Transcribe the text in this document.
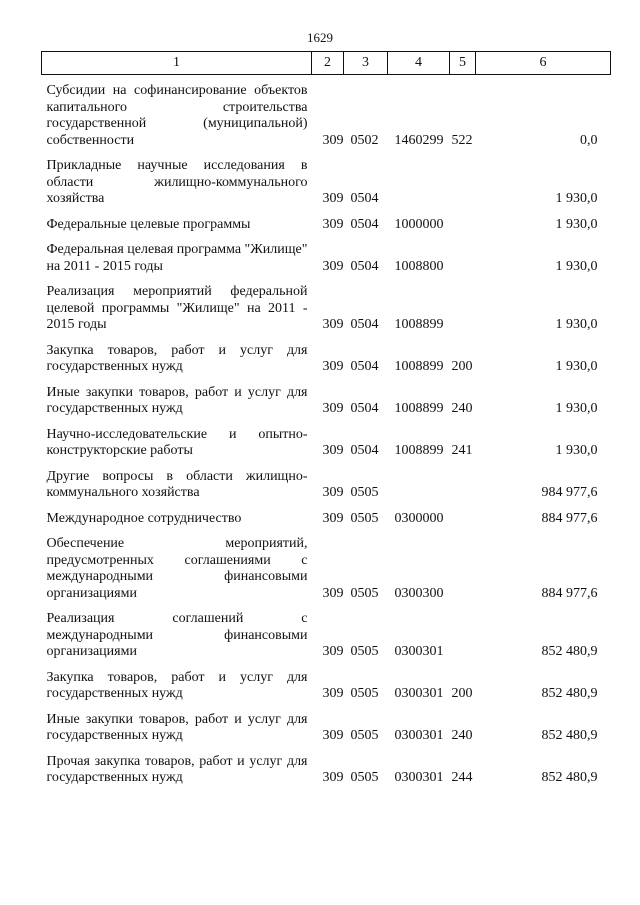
1629
1	2	3	4	5	6

Субсидии на софинансирование объектов капитального строительства государственной (муниципальной) собственности	309	0502	1460299	522	0,0

Прикладные научные исследования в области жилищно-коммунального хозяйства	309	0504			1 930,0

Федеральные целевые программы	309	0504	1000000		1 930,0

Федеральная целевая программа "Жилище" на 2011 - 2015 годы	309	0504	1008800		1 930,0

Реализация мероприятий федеральной целевой программы "Жилище" на 2011 - 2015 годы	309	0504	1008899		1 930,0

Закупка товаров, работ и услуг для государственных нужд	309	0504	1008899	200	1 930,0

Иные закупки товаров, работ и услуг для государственных нужд	309	0504	1008899	240	1 930,0

Научно-исследовательские и опытно-конструкторские работы	309	0504	1008899	241	1 930,0

Другие вопросы в области жилищно-коммунального хозяйства	309	0505			984 977,6

Международное сотрудничество	309	0505	0300000		884 977,6

Обеспечение мероприятий, предусмотренных соглашениями с международными финансовыми организациями	309	0505	0300300		884 977,6

Реализация соглашений с международными финансовыми организациями	309	0505	0300301		852 480,9

Закупка товаров, работ и услуг для государственных нужд	309	0505	0300301	200	852 480,9

Иные закупки товаров, работ и услуг для государственных нужд	309	0505	0300301	240	852 480,9

Прочая закупка товаров, работ и услуг для государственных нужд	309	0505	0300301	244	852 480,9
